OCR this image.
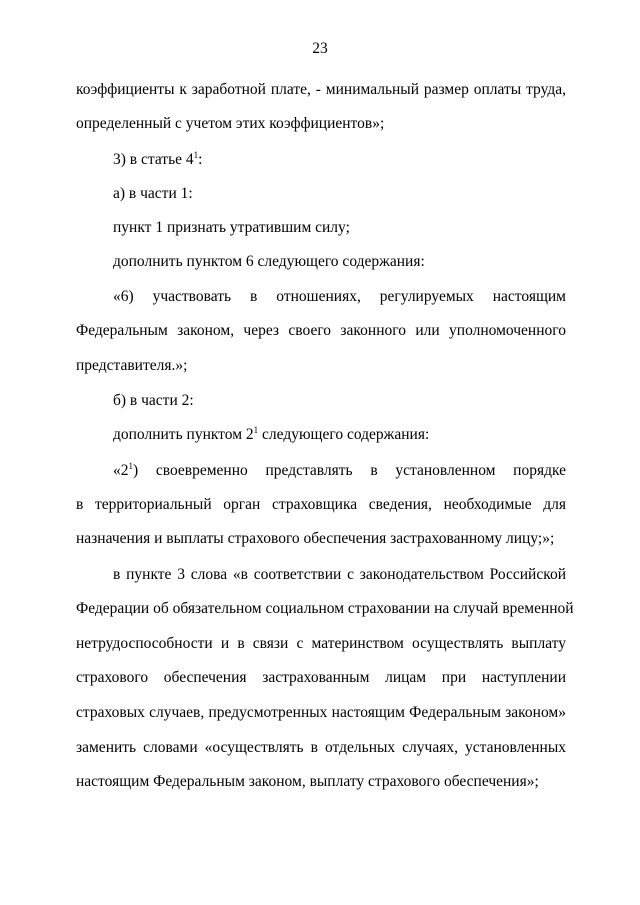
23
коэффициенты к заработной плате, - минимальный размер оплаты труда,
определенный с учетом этих коэффициентов»;
3) в статье $4^1$:
а) в части 1:
пункт 1 признать утратившим силу;
дополнить пунктом 6 следующего содержания:
«6) участвовать в отношениях, регулируемых настоящим
Федеральным законом, через своего законного или уполномоченного
представителя.»;
б) в части 2:
дополнить пунктом $2^1$ следующего содержания:
«$2^1$) своевременно представлять в установленном порядке
в территориальный орган страховщика сведения, необходимые для
назначения и выплаты страхового обеспечения застрахованному лицу;»;
в пункте 3 слова «в соответствии с законодательством Российской
Федерации об обязательном социальном страховании на случай временной
нетрудоспособности и в связи с материнством осуществлять выплату
страхового обеспечения застрахованным лицам при наступлении
страховых случаев, предусмотренных настоящим Федеральным законом»
заменить словами «осуществлять в отдельных случаях, установленных
настоящим Федеральным законом, выплату страхового обеспечения»;
